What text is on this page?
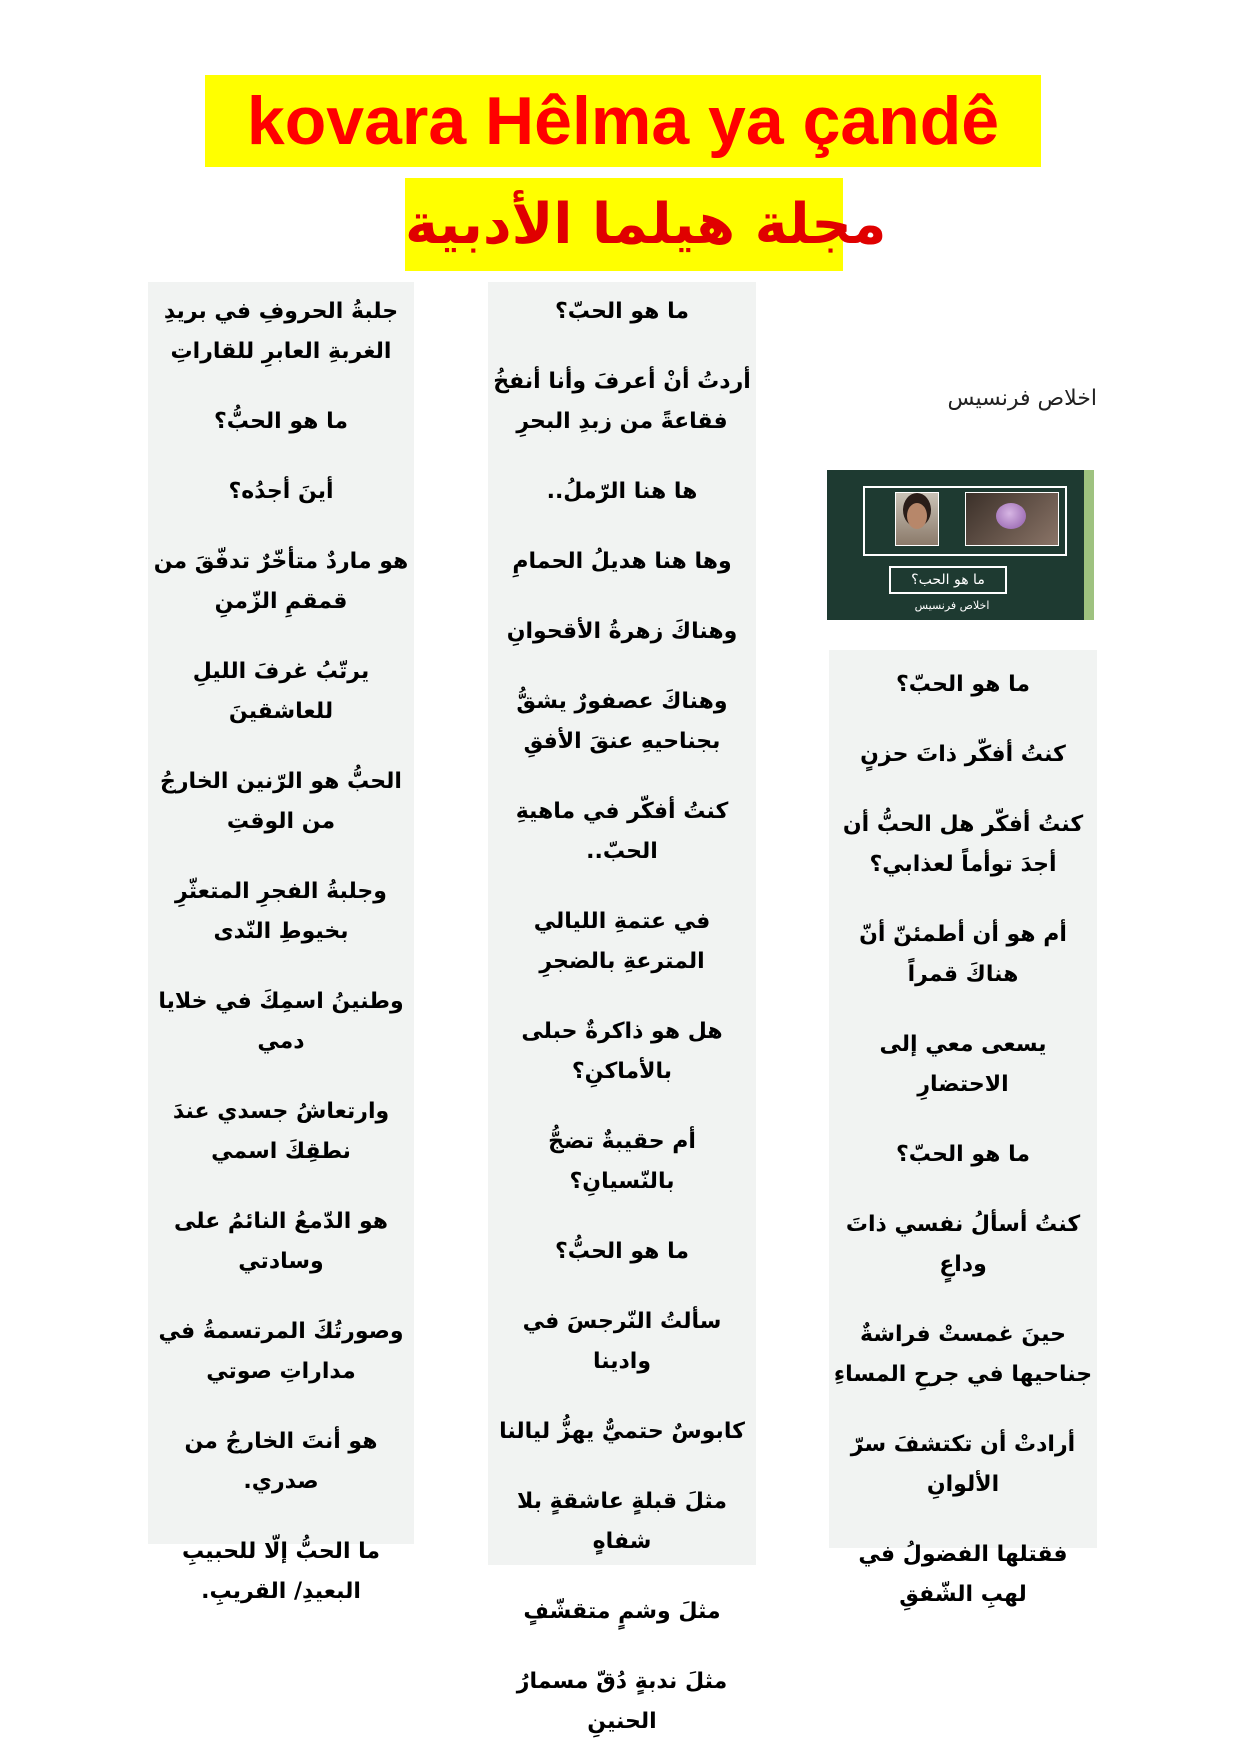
kovara Hêlma ya çandê
مجلة هيلما الأدبية
اخلاص فرنسيس
ما هو الحب؟
اخلاص فرنسيس
ما هو الحبّ؟
كنتُ أفكّر ذاتَ حزنٍ
كنتُ أفكّر هل الحبُّ أن أجدَ توأماً لعذابي؟
أم هو أن أطمئنّ أنّ هناكَ قمراً
يسعى معي إلى الاحتضارِ
ما هو الحبّ؟
كنتُ أسألُ نفسي ذاتَ وداعٍ
حينَ غمستْ فراشةٌ جناحيها في جرحِ المساءِ
أرادتْ أن تكتشفَ سرّ الألوانِ
فقتلها الفضولُ في لهبِ الشّفقِ
ما هو الحبّ؟
أردتُ أنْ أعرفَ وأنا أنفخُ فقاعةً من زبدِ البحرِ
ها هنا الرّملُ..
وها هنا هديلُ الحمامِ
وهناكَ زهرةُ الأقحوانِ
وهناكَ عصفورٌ يشقُّ بجناحيهِ عنقَ الأفقِ
كنتُ أفكّر في ماهيةِ الحبّ..
في عتمةِ الليالي المترعةِ بالضجرِ
هل هو ذاكرةٌ حبلى بالأماكنِ؟
أم حقيبةٌ تضجُّ بالنّسيانِ؟
ما هو الحبُّ؟
سألتُ النّرجسَ في وادينا
كابوسٌ حتميٌّ يهزُّ ليالنا
مثلَ قبلةٍ عاشقةٍ بلا شفاهٍ
مثلَ وشمٍ متقشّفٍ
مثلَ ندبةٍ دُقّ مسمارُ الحنينِ
جلبةُ الحروفِ في بريدِ الغربةِ العابرِ للقاراتِ
ما هو الحبُّ؟
أينَ أجدُه؟
هو ماردٌ متأخّرٌ تدفّقَ من قمقمِ الزّمنِ
يرتّبُ غرفَ الليلِ للعاشقينَ
الحبُّ هو الرّنين الخارجُ من الوقتِ
وجلبةُ الفجرِ المتعثّرِ بخيوطِ النّدى
وطنينُ اسمِكَ في خلايا دمي
وارتعاشُ جسدي عندَ نطقِكَ اسمي
هو الدّمعُ النائمُ على وسادتي
وصورتُكَ المرتسمةُ في مداراتِ صوتي
هو أنتَ الخارجُ من صدري.
ما الحبُّ إلّا للحبيبِ البعيدِ/ القريبِ.
